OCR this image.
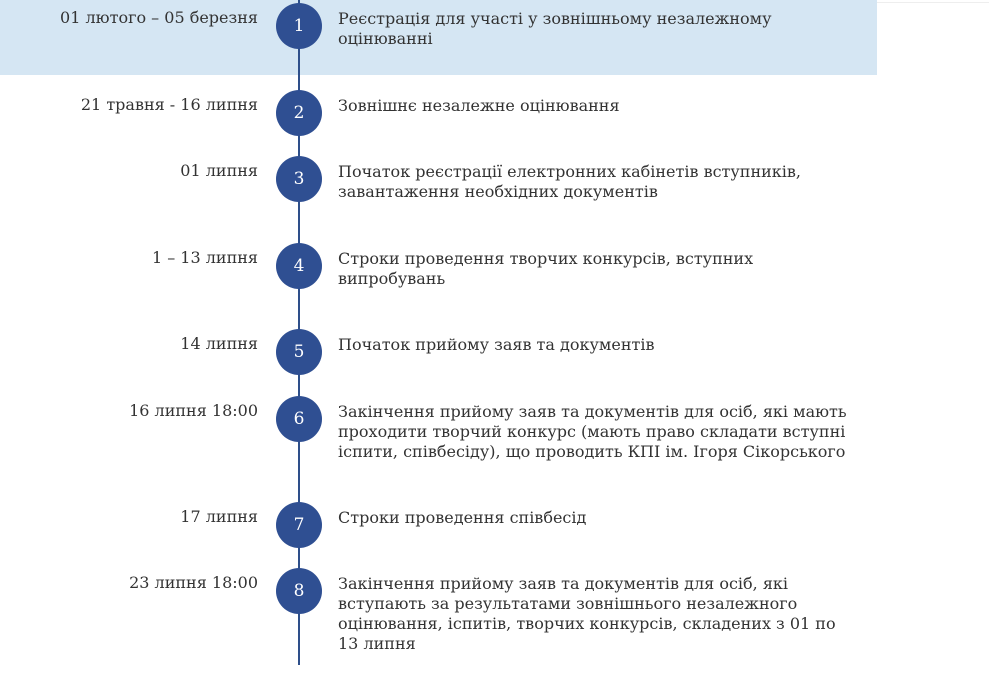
01 лютого – 05 березня	1	Реєстрація для участі у зовнішньому незалежному оцінюванні
21 травня - 16 липня	2	Зовнішнє незалежне оцінювання
01 липня	3	Початок реєстрації електронних кабінетів вступників, завантаження необхідних документів
1 – 13 липня	4	Строки проведення творчих конкурсів, вступних випробувань
14 липня	5	Початок прийому заяв та документів
16 липня 18:00	6	Закінчення прийому заяв та документів для осіб, які мають проходити творчий конкурс (мають право складати вступні іспити, співбесіду), що проводить КПІ ім. Ігоря Сікорського
17 липня	7	Строки проведення співбесід
23 липня 18:00	8	Закінчення прийому заяв та документів для осіб, які вступають за результатами зовнішнього незалежного оцінювання, іспитів, творчих конкурсів, складених з 01 по 13 липня
